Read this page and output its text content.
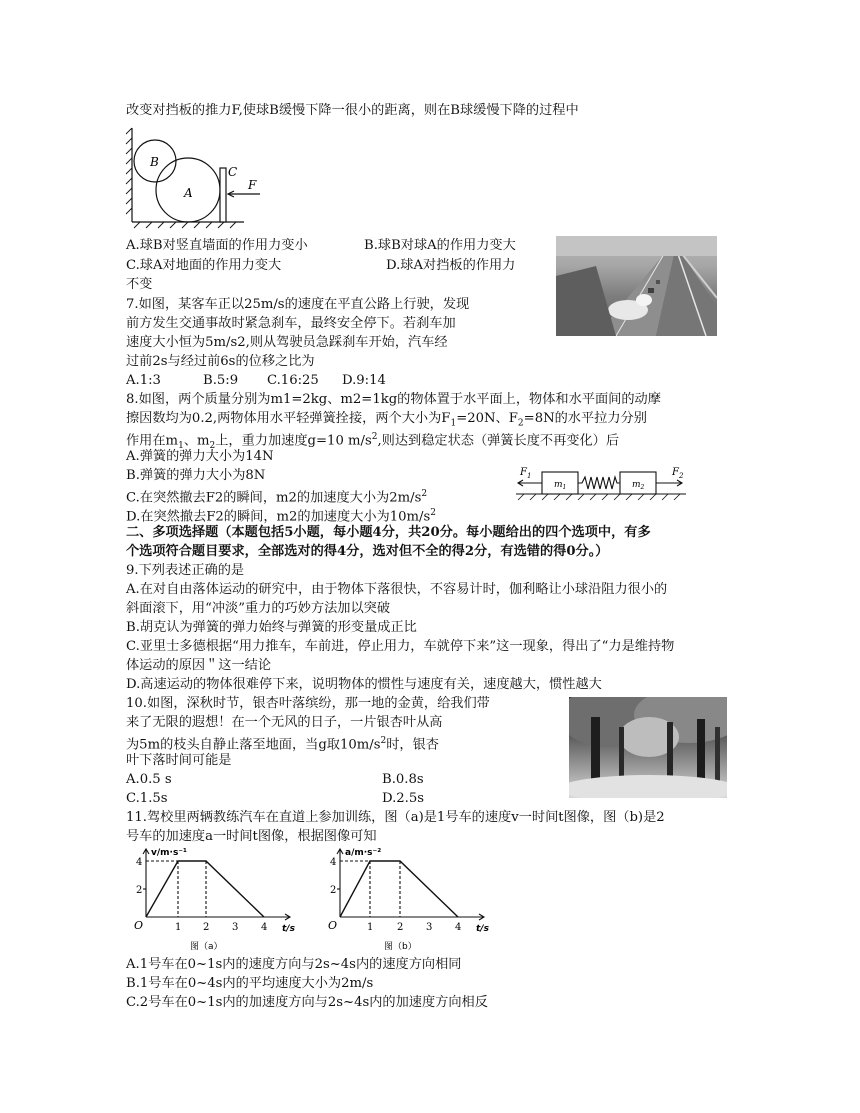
改变对挡板的推力F,使球B缓慢下降一很小的距离，则在B球缓慢下降的过程中
B
A
C
F
A.球B对竖直墙面的作用力变小	B.球B对球A的作用力变大
C.球A对地面的作用力变大	D.球A对挡板的作用力
不变
7.如图，某客车正以25m/s的速度在平直公路上行驶，发现
前方发生交通事故时紧急刹车，最终安全停下。若刹车加
速度大小恒为5m/s2,则从驾驶员急踩刹车开始，汽车经
过前2s与经过前6s的位移之比为
A.1:3	B.5:9 C.16:25 D.9:14
8.如图，两个质量分别为m1=2kg、m2=1kg的物体置于水平面上，物体和水平面间的动摩
擦因数均为0.2,两物体用水平轻弹簧拴接，两个大小为$F_1=20N$、$F_2=8N$的水平拉力分别
作用在$m_1$、$m_2$上，重力加速度g=10 $m/s^2$,则达到稳定状态（弹簧长度不再变化）后
A.弹簧的弹力大小为14N
B.弹簧的弹力大小为8N
C.在突然撤去F2的瞬间，m2的加速度大小为$2m/s^2$
D.在突然撤去F2的瞬间，m2的加速度大小为$10m/s^2$
$F_1$	$F_2$
$m_1$	$m_2$
二、多项选择题（本题包括5小题，每小题4分，共20分。每小题给出的四个选项中，有多
个选项符合题目要求，全部选对的得4分，选对但不全的得2分，有选错的得0分。）
9.下列表述正确的是
A.在对自由落体运动的研究中，由于物体下落很快，不容易计时，伽利略让小球沿阻力很小的
斜面滚下，用“冲淡”重力的巧妙方法加以突破
B.胡克认为弹簧的弹力始终与弹簧的形变量成正比
C.亚里士多德根据“用力推车，车前进，停止用力，车就停下来”这一现象，得出了“力是维持物
体运动的原因＂这一结论
D.高速运动的物体很难停下来，说明物体的惯性与速度有关，速度越大，惯性越大
10.如图，深秋时节，银杏叶落缤纷，那一地的金黄，给我们带
来了无限的遐想！在一个无风的日子，一片银杏叶从高
为5m的枝头自静止落至地面，当g取$10m/s^2$时，银杏
叶下落时间可能是
A.0.5 s	B.0.8s
C.1.5s	D.2.5s
11.驾校里两辆教练汽车在直道上参加训练，图（a)是1号车的速度v一时间t图像，图（b)是2
号车的加速度a一时间t图像，根据图像可知
v/m·s⁻¹
t/s
O
4
2
1 2 3 4
图（a）
a/m·s⁻²
t/s
O
4
2
1 2 3 4
图（b）
A.1号车在0~1s内的速度方向与2s~4s内的速度方向相同
B.1号车在0~4s内的平均速度大小为2m/s
C.2号车在0~1s内的加速度方向与2s~4s内的加速度方向相反
